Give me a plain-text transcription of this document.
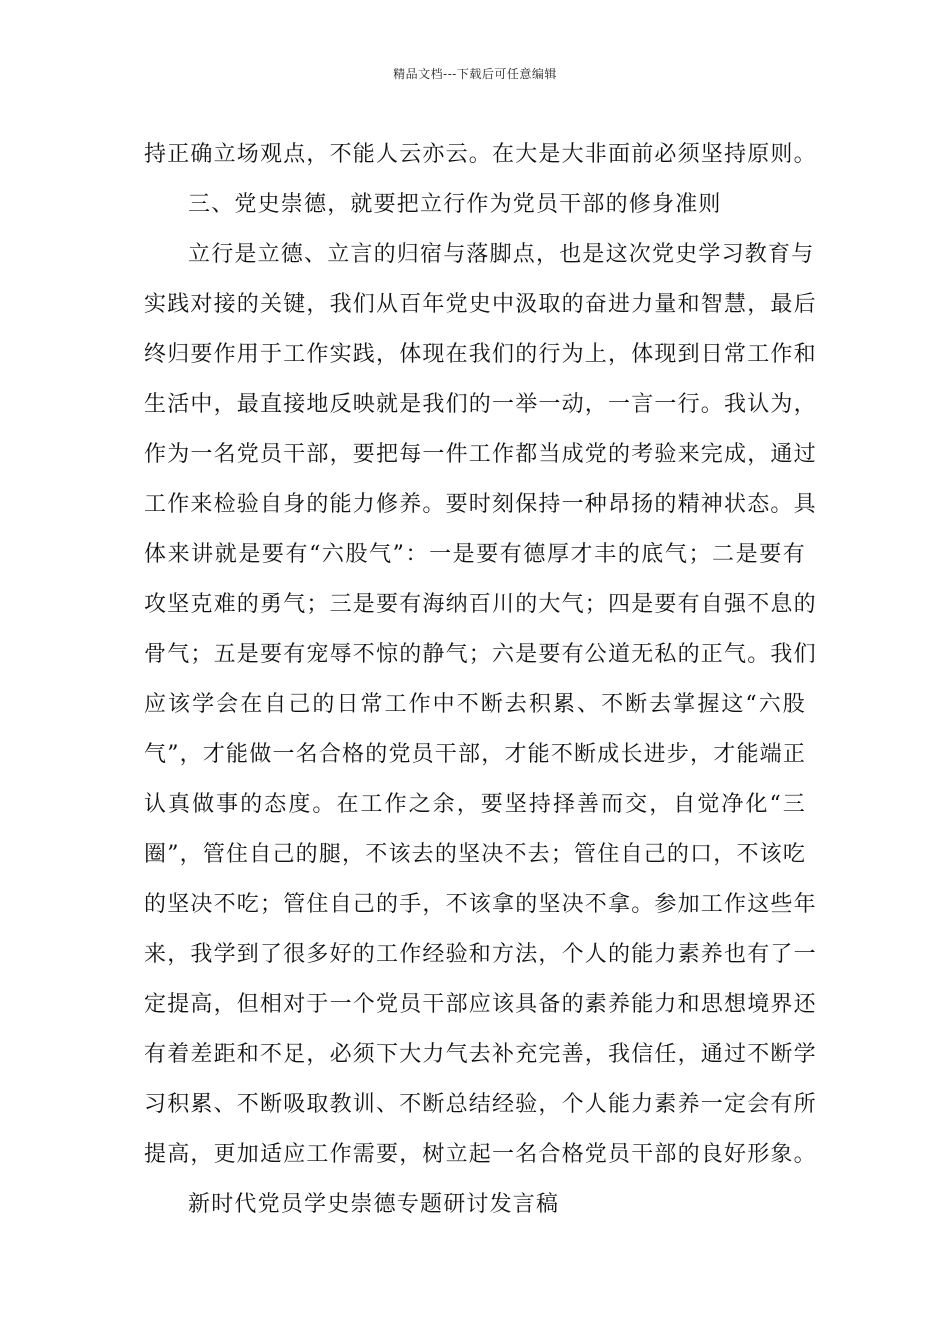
精品文档---下载后可任意编辑

持正确立场观点，不能人云亦云。在大是大非面前必须坚持原则。

三、党史崇德，就要把立行作为党员干部的修身准则

立行是立德、立言的归宿与落脚点，也是这次党史学习教育与

实践对接的关键，我们从百年党史中汲取的奋进力量和智慧，最后
终归要作用于工作实践，体现在我们的行为上，体现到日常工作和
生活中，最直接地反映就是我们的一举一动，一言一行。我认为，
作为一名党员干部，要把每一件工作都当成党的考验来完成，通过
工作来检验自身的能力修养。要时刻保持一种昂扬的精神状态。具
体来讲就是要有“六股气”：一是要有德厚才丰的底气；二是要有
攻坚克难的勇气；三是要有海纳百川的大气；四是要有自强不息的
骨气；五是要有宠辱不惊的静气；六是要有公道无私的正气。我们
应该学会在自己的日常工作中不断去积累、不断去掌握这“六股
气”，才能做一名合格的党员干部，才能不断成长进步，才能端正
认真做事的态度。在工作之余，要坚持择善而交，自觉净化“三
圈”，管住自己的腿，不该去的坚决不去；管住自己的口，不该吃
的坚决不吃；管住自己的手，不该拿的坚决不拿。参加工作这些年
来，我学到了很多好的工作经验和方法，个人的能力素养也有了一
定提高，但相对于一个党员干部应该具备的素养能力和思想境界还
有着差距和不足，必须下大力气去补充完善，我信任，通过不断学
习积累、不断吸取教训、不断总结经验，个人能力素养一定会有所
提高，更加适应工作需要，树立起一名合格党员干部的良好形象。

新时代党员学史崇德专题研讨发言稿
